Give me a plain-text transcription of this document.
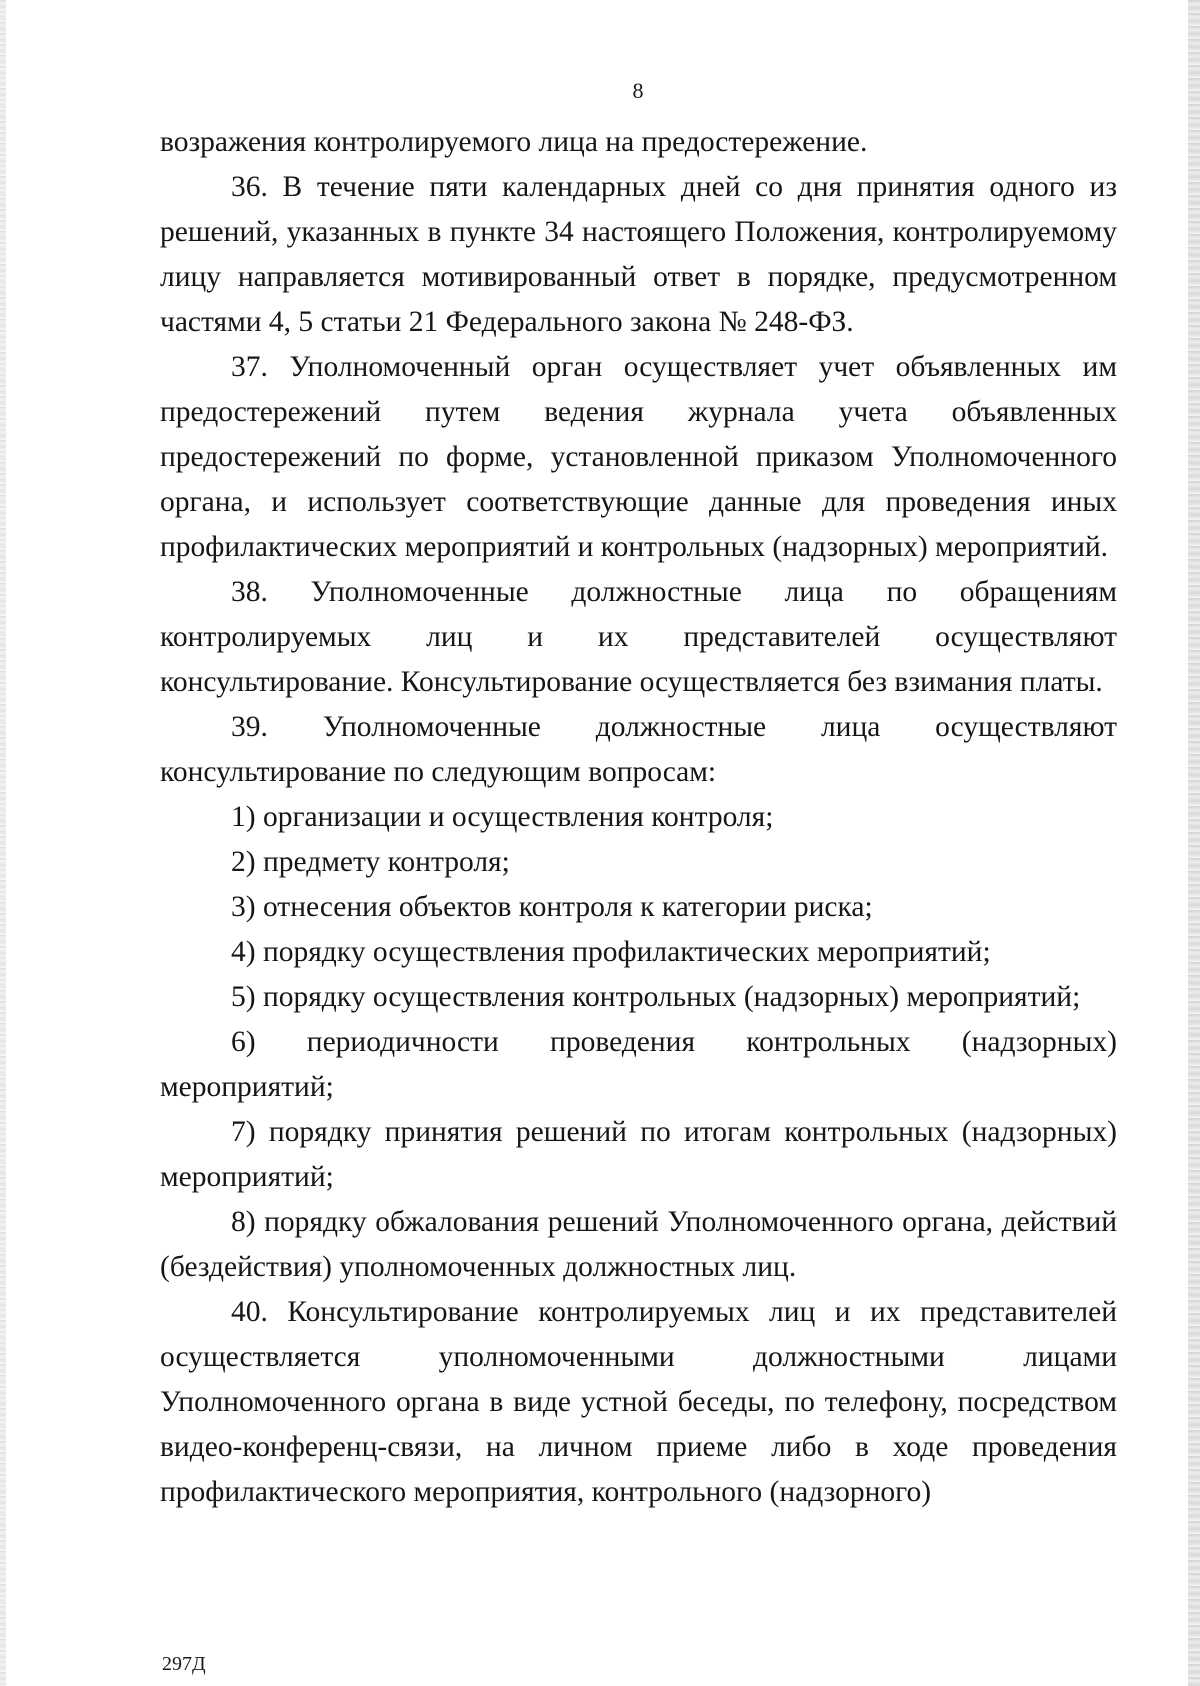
8

возражения контролируемого лица на предостережение.

36. В течение пяти календарных дней со дня принятия одного из решений, указанных в пункте 34 настоящего Положения, контролируемому лицу направляется мотивированный ответ в порядке, предусмотренном частями 4, 5 статьи 21 Федерального закона № 248-ФЗ.

37. Уполномоченный орган осуществляет учет объявленных им предостережений путем ведения журнала учета объявленных предостережений по форме, установленной приказом Уполномоченного органа, и использует соответствующие данные для проведения иных профилактических мероприятий и контрольных (надзорных) мероприятий.

38. Уполномоченные должностные лица по обращениям контролируемых лиц и их представителей осуществляют консультирование. Консультирование осуществляется без взимания платы.

39. Уполномоченные должностные лица осуществляют консультирование по следующим вопросам:

1) организации и осуществления контроля;

2) предмету контроля;

3) отнесения объектов контроля к категории риска;

4) порядку осуществления профилактических мероприятий;

5) порядку осуществления контрольных (надзорных) мероприятий;

6) периодичности проведения контрольных (надзорных) мероприятий;

7) порядку принятия решений по итогам контрольных (надзорных) мероприятий;

8) порядку обжалования решений Уполномоченного органа, действий (бездействия) уполномоченных должностных лиц.

40. Консультирование контролируемых лиц и их представителей осуществляется уполномоченными должностными лицами Уполномоченного органа в виде устной беседы, по телефону, посредством видео-конференц-связи, на личном приеме либо в ходе проведения профилактического мероприятия, контрольного (надзорного)

297Д
